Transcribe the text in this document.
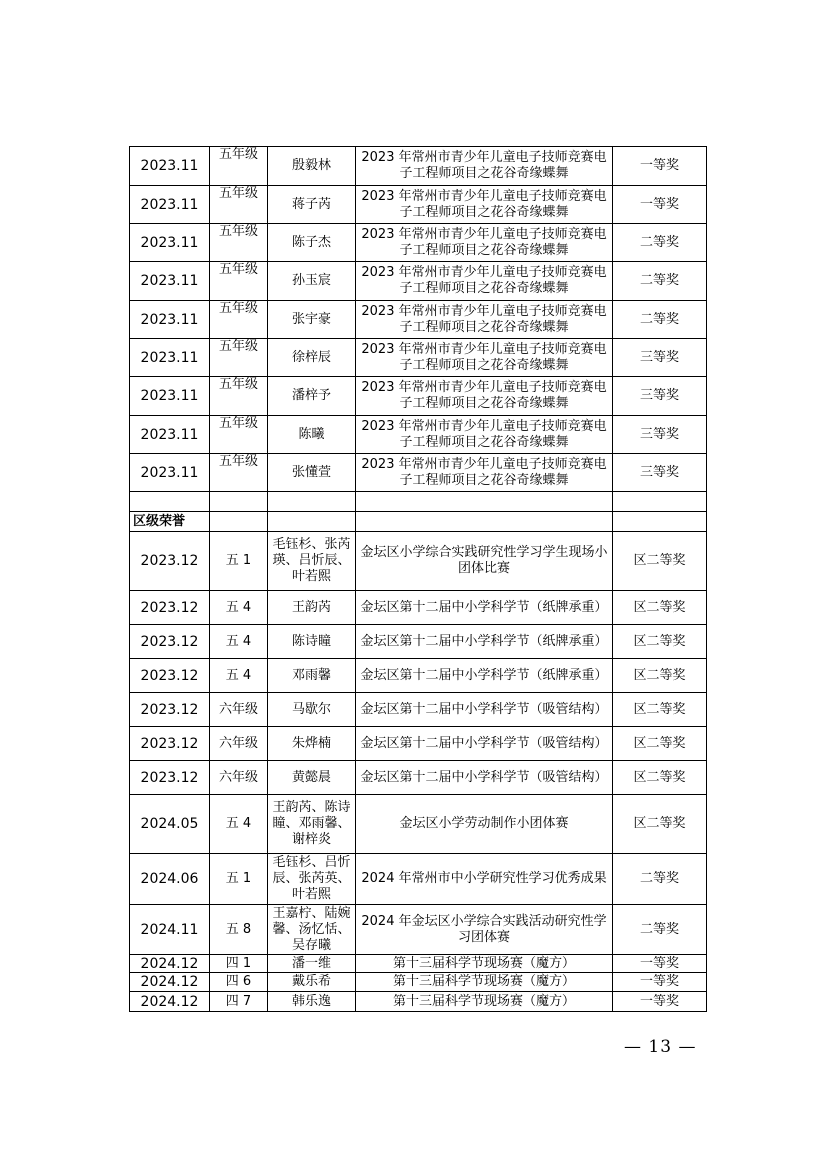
2023.11	五年级	殷毅林	2023 年常州市青少年儿童电子技师竞赛电子工程师项目之花谷奇缘蝶舞	一等奖
2023.11	五年级	蒋子芮	2023 年常州市青少年儿童电子技师竞赛电子工程师项目之花谷奇缘蝶舞	一等奖
2023.11	五年级	陈子杰	2023 年常州市青少年儿童电子技师竞赛电子工程师项目之花谷奇缘蝶舞	二等奖
2023.11	五年级	孙玉宸	2023 年常州市青少年儿童电子技师竞赛电子工程师项目之花谷奇缘蝶舞	二等奖
2023.11	五年级	张宇豪	2023 年常州市青少年儿童电子技师竞赛电子工程师项目之花谷奇缘蝶舞	二等奖
2023.11	五年级	徐梓辰	2023 年常州市青少年儿童电子技师竞赛电子工程师项目之花谷奇缘蝶舞	三等奖
2023.11	五年级	潘梓予	2023 年常州市青少年儿童电子技师竞赛电子工程师项目之花谷奇缘蝶舞	三等奖
2023.11	五年级	陈曦	2023 年常州市青少年儿童电子技师竞赛电子工程师项目之花谷奇缘蝶舞	三等奖
2023.11	五年级	张懂萱	2023 年常州市青少年儿童电子技师竞赛电子工程师项目之花谷奇缘蝶舞	三等奖

区级荣誉				
2023.12	五 1	毛钰杉、张芮瑛、吕忻辰、叶若熙	金坛区小学综合实践研究性学习学生现场小团体比赛	区二等奖
2023.12	五 4	王韵芮	金坛区第十二届中小学科学节（纸牌承重）	区二等奖
2023.12	五 4	陈诗瞳	金坛区第十二届中小学科学节（纸牌承重）	区二等奖
2023.12	五 4	邓雨馨	金坛区第十二届中小学科学节（纸牌承重）	区二等奖
2023.12	六年级	马歇尔	金坛区第十二届中小学科学节（吸管结构）	区二等奖
2023.12	六年级	朱烨楠	金坛区第十二届中小学科学节（吸管结构）	区二等奖
2023.12	六年级	黄懿晨	金坛区第十二届中小学科学节（吸管结构）	区二等奖
2024.05	五 4	王韵芮、陈诗瞳、邓雨馨、谢梓炎	金坛区小学劳动制作小团体赛	区二等奖
2024.06	五 1	毛钰杉、吕忻辰、张芮英、叶若熙	2024 年常州市中小学研究性学习优秀成果	二等奖
2024.11	五 8	王嘉柠、陆婉馨、汤忆恬、吴存曦	2024 年金坛区小学综合实践活动研究性学习团体赛	二等奖
2024.12	四 1	潘一维	第十三届科学节现场赛（魔方）	一等奖
2024.12	四 6	戴乐希	第十三届科学节现场赛（魔方）	一等奖
2024.12	四 7	韩乐逸	第十三届科学节现场赛（魔方）	一等奖
— 13 —
